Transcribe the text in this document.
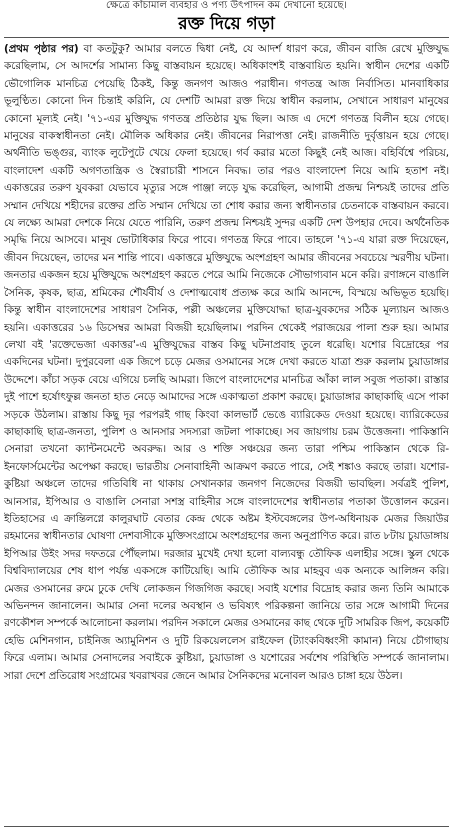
ক্ষেত্রে কাঁচামাল ব্যবহার ও পণ্য উৎপাদন কম দেখানো হয়েছে।
রক্ত দিয়ে গড়া

(প্রথম পৃষ্ঠার পর) বা কতটুকু? আমার বলতে দ্বিধা নেই, যে আদর্শ ধারণ করে, জীবন বাজি রেখে মুক্তিযুদ্ধ করেছিলাম, সে আদর্শের সামান্য কিছু বাস্তবায়ন হয়েছে। অধিকাংশই বাস্তবায়িত হয়নি। স্বাধীন দেশের একটি ভৌগোলিক মানচিত্র পেয়েছি ঠিকই, কিন্তু জনগণ আজও পরাধীন। গণতন্ত্র আজ নির্বাসিত। মানবাধিকার ভূলুণ্ঠিত। কোনো দিন চিন্তাই করিনি, যে দেশটি আমরা রক্ত দিয়ে স্বাধীন করলাম, সেখানে সাধারণ মানুষের কোনো মূল্যই নেই। '৭১-এর মুক্তিযুদ্ধ গণতন্ত্র প্রতিষ্ঠার যুদ্ধ ছিল। আজ এ দেশে গণতন্ত্র বিলীন হয়ে গেছে। মানুষের বাকস্বাধীনতা নেই। মৌলিক অধিকার নেই। জীবনের নিরাপত্তা নেই। রাজনীতি দুর্বৃত্তায়ন হয়ে গেছে। অর্থনীতি ভঙ্গুর, ব্যাংক লুটেপুটে খেয়ে ফেলা হয়েছে। গর্ব করার মতো কিছুই নেই আজ। বহির্বিশ্বে পরিচয়, বাংলাদেশ একটি অগণতান্ত্রিক ও স্বৈরাচারী শাসনে নিবদ্ধ। তার পরও বাংলাদেশ নিয়ে আমি হতাশ নই। একাত্তরের তরুণ যুবকরা যেভাবে মৃত্যুর সঙ্গে পাঞ্জা লড়ে যুদ্ধ করেছিল, আগামী প্রজন্ম নিশ্চয়ই তাদের প্রতি সম্মান দেখিয়ে শহীদের রক্তের প্রতি সম্মান দেখিয়ে তা শোধ করার জন্য স্বাধীনতার চেতনাকে বাস্তবায়ন করবে। যে লক্ষ্যে আমরা দেশকে নিয়ে যেতে পারিনি, তরুণ প্রজন্ম নিশ্চয়ই সুন্দর একটি দেশ উপহার দেবে। অর্থনৈতিক সমৃদ্ধি নিয়ে আসবে। মানুষ ভোটাধিকার ফিরে পাবে। গণতন্ত্র ফিরে পাবে। তাহলে '৭১-এ যারা রক্ত দিয়েছেন, জীবন দিয়েছেন, তাদের মন শান্তি পাবে। একাত্তরে মুক্তিযুদ্ধে অংশগ্রহণ আমার জীবনের সবচেয়ে স্মরণীয় ঘটনা। জনতার একজন হয়ে মুক্তিযুদ্ধে অংশগ্রহণ করতে পেরে আমি নিজেকে সৌভাগ্যবান মনে করি। রণাঙ্গনে বাঙালি সৈনিক, কৃষক, ছাত্র, শ্রমিকের শৌর্যবীর্য ও দেশাত্মবোধ প্রত্যক্ষ করে আমি আনন্দে, বিস্ময়ে অভিভূত হয়েছি। কিন্তু স্বাধীন বাংলাদেশের সাধারণ সৈনিক, পল্লী অঞ্চলের মুক্তিযোদ্ধা ছাত্র-যুবকদের সঠিক মূল্যায়ন আজও হয়নি। একাত্তরের ১৬ ডিসেম্বর আমরা বিজয়ী হয়েছিলাম। পরদিন থেকেই পরাজয়ের পালা শুরু হয়। আমার লেখা বই 'রক্তেভেজা একাত্তর'-এ মুক্তিযুদ্ধের বাস্তব কিছু ঘটনাপ্রবাহ তুলে ধরেছি। যশোর বিদ্রোহের পর একদিনের ঘটনা। দুপুরবেলা এক জিপে চড়ে মেজর ওসমানের সঙ্গে দেখা করতে যাত্রা শুরু করলাম চুয়াডাঙ্গার উদ্দেশে। কাঁচা সড়ক বেয়ে এগিয়ে চলছি আমরা। জিপে বাংলাদেশের মানচিত্র আঁকা লাল সবুজ পতাকা। রাস্তার দুই পাশে হর্ষোৎফুল্ল জনতা হাত নেড়ে আমাদের সঙ্গে একাত্মতা প্রকাশ করছে। চুয়াডাঙ্গার কাছাকাছি এসে পাকা সড়কে উঠলাম। রাস্তায় কিছু দূর পরপরই গাছ কিংবা কালভার্ট ভেঙে ব্যারিকেড দেওয়া হয়েছে। ব্যারিকেডের কাছাকাছি ছাত্র-জনতা, পুলিশ ও আনসার সদস্যরা জটলা পাকাচ্ছে। সব জায়গায় চরম উত্তেজনা। পাকিস্তানি সেনারা তখনো ক্যান্টনমেন্টে অবরুদ্ধ। আর ও শক্তি সঞ্চয়ের জন্য তারা পশ্চিম পাকিস্তান থেকে রি-ইনফোর্সমেন্টের অপেক্ষা করছে। ভারতীয় সেনাবাহিনী আক্রমণ করতে পারে, সেই শঙ্কাও করছে তারা। যশোর-কুষ্টিয়া অঞ্চলে তাদের গতিবিধি না থাকায় সেখানকার জনগণ নিজেদের বিজয়ী ভাবছিল। সর্বত্রই পুলিশ, আনসার, ইপিআর ও বাঙালি সেনারা সশস্ত্র বাহিনীর সঙ্গে বাংলাদেশের স্বাধীনতার পতাকা উত্তোলন করেন। ইতিহাসের এ ক্রান্তিলগ্নে কালুরঘাট বেতার কেন্দ্র থেকে অষ্টম ইস্টবেঙ্গলের উপ-অধিনায়ক মেজর জিয়াউর রহমানের স্বাধীনতার ঘোষণা দেশবাসীকে মুক্তিসংগ্রামে অংশগ্রহণের জন্য অনুপ্রাণিত করে। রাত ৮টায় চুয়াডাঙ্গায় ইপিআর উইং সদর দফতরে পৌঁছলাম। দরজার মুখেই দেখা হলো বাল্যবন্ধু তৌফিক এলাহীর সঙ্গে। স্কুল থেকে বিশ্ববিদ্যালয়ের শেষ ধাপ পর্যন্ত একসঙ্গে কাটিয়েছি। আমি তৌফিক আর মাহবুব এক অন্যকে আলিঙ্গন করি। মেজর ওসমানের রুমে ঢুকে দেখি লোকজন গিজগিজ করছে। সবাই যশোর বিদ্রোহ করার জন্য তিনি আমাকে অভিনন্দন জানালেন। আমার সেনা দলের অবস্থান ও ভবিষ্যৎ পরিকল্পনা জানিয়ে তার সঙ্গে আগামী দিনের রণকৌশল সম্পর্কে আলোচনা করলাম। পরদিন সকালে মেজর ওসমানের কাছ থেকে দুটি সামরিক জিপ, কয়েকটি হেভি মেশিনগান, চাইনিজ অ্যামুনিশন ও দুটি রিকয়েললেস রাইফেল (ট্যাংকবিধ্বংসী কামান) নিয়ে চৌগাছায় ফিরে এলাম। আমার সেনাদলের সবাইকে কুষ্টিয়া, চুয়াডাঙ্গা ও যশোরের সর্বশেষ পরিস্থিতি সম্পর্কে জানালাম। সারা দেশে প্রতিরোধ সংগ্রামের খবরাখবর জেনে আমার সৈনিকদের মনোবল আরও চাঙ্গা হয়ে উঠল।
